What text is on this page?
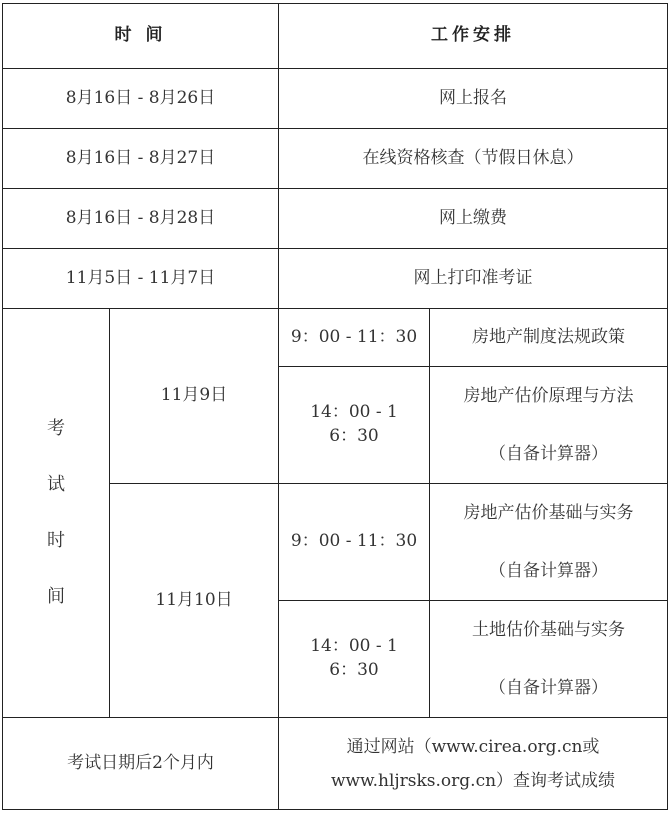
时 间		工作安排	
8月16日 - 8月26日		网上报名	
8月16日 - 8月27日		在线资格核查（节假日休息）	
8月16日 - 8月28日		网上缴费	
11月5日 - 11月7日		网上打印准考证	
考试时间	11月9日	9：00 - 11：30	房地产制度法规政策
		14：00 - 16：30	房地产估价原理与方法
（自备计算器）

	11月10日	9：00 - 11：30	房地产估价基础与实务
（自备计算器）

		14：00 - 16：30	土地估价基础与实务
（自备计算器）

考试日期后2个月内		通过网站（www.cirea.org.cn或
www.hljrsks.org.cn）查询考试成绩	
